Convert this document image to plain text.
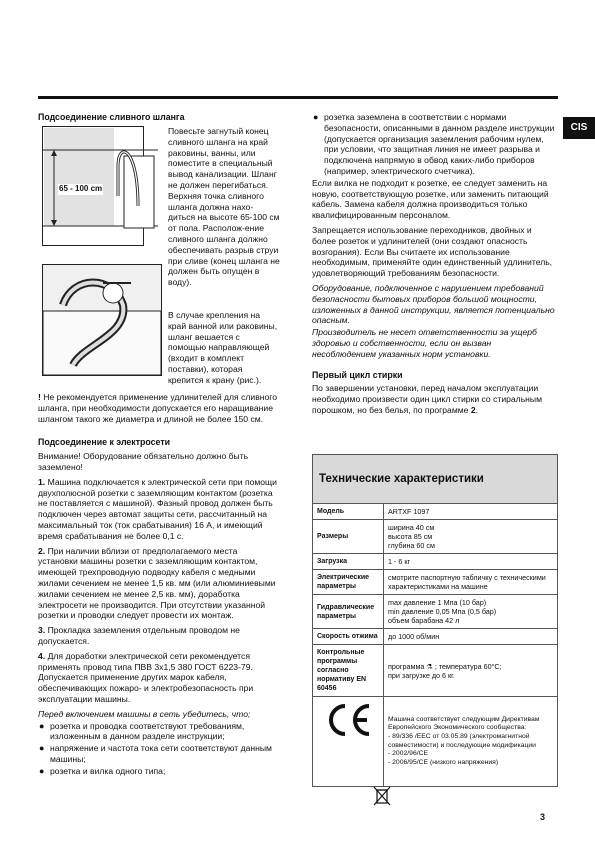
CIS
Подсоединение сливного шланга
65 - 100 cm
Повесьте загнутый конец сливного шланга на край раковины, ванны, или поместите в специальный вывод канализации. Шланг не должен перегибаться. Верхняя точка сливного шланга должна нахо-диться на высоте 65-100 см от пола. Располож-ение сливного шланга должно обеспечивать разрыв струи при сливе (конец шланга не должен быть опущен в воду).
В случае крепления на край ванной или раковины, шланг вешается с помощью направляющей (входит в комплект поставки), которая крепится к крану (рис.).

! Не рекомендуется применение удлинителей для сливного шланга, при необходимости допускается его наращивание шлангом такого же диаметра и длиной не более 150 см.

Подсоединение к электросети

Внимание! Оборудование обязательно должно быть заземлено!

1. Машина подключается к электрической сети при помощи двухполюсной розетки с заземляющим контактом (розетка не поставляется с машиной). Фазный провод должен быть подключен через автомат защиты сети, рассчитанный на максимальный ток (ток срабатывания) 16 А, и имеющий время срабатывания не более 0,1 с.

2. При наличии вблизи от предполагаемого места установки машины розетки с заземляющим контактом, имеющей трехпроводную подводку кабеля с медными жилами сечением не менее 1,5 кв. мм (или алюминиевыми жилами сечением не менее 2,5 кв. мм), доработка электросети не производится. При отсутствии указанной розетки и проводки следует провести их монтаж.

3. Прокладка заземления отдельным проводом не допускается.

4. Для доработки электрической сети рекомендуется применять провод типа ПВВ 3х1,5 380 ГОСТ 6223-79. Допускается применение других марок кабеля, обеспечивающих пожаро- и электробезопасность при эксплуатации машины.

Перед включением машины в сеть убедитесь, что;

● розетка и проводка соответствуют требованиям, изложенным в данном разделе инструкции;
● напряжение и частота тока сети соответствуют данным машины;
● розетка и вилка одного типа;
● розетка заземлена в соответствии с нормами безопасности, описанными в данном разделе инструкции (допускается организация заземления рабочим нулем, при условии, что защитная линия не имеет разрыва и подключена напрямую в обвод каких-либо приборов (например, электрического счетчика).

Если вилка не подходит к розетке, ее следует заменить на новую, соответствующую розетке, или заменить питающий кабель. Замена кабеля должна производиться только квалифицированным персоналом.

Запрещается использование переходников, двойных и более розеток и удлинителей (они создают опасность возгорания). Если Вы считаете их использование необходимым, применяйте один единственный удлинитель, удовлетворяющий требованиям безопасности.

Оборудование, подключенное с нарушением требований безопасности бытовых приборов большой мощности, изложенных в данной инструкции, является потенциально опасным.

Производитель не несет ответственности за ущерб здоровью и собственности, если он вызван несоблюдением указанных норм установки.

Первый цикл стирки

По завершении установки, перед началом эксплуатации необходимо произвести один цикл стирки со стиральным порошком, но без белья, по программе 2.

Технические характеристики	
Модель	ARTXF 1097
Размеры	ширина 40 см
высота 85 см
глубина 60 см
Загрузка	1 - 6 кг
Электрические параметры	смотрите паспортную табличку с техническими характеристиками на машине
Гидравлические параметры	max давление 1 Мпа (10 бар)
min давление 0,05 Мпа (0,5 бар)
объем барабана 42 л
Скорость отжима	до 1000 об/мин
Контрольные программы согласно нормативу EN 60456	программа ⚗ ; температура 60°С;
при загрузке до 6 кг.
	Машина соответствует следующим Директивам Европейского Экономического сообщества:
- 89/336 /ЕЕС от 03.05.89 (электромагнитной совместимости) и последующие модификации
- 2002/96/CE
- 2006/95/CE (низкого напряжения)
3
